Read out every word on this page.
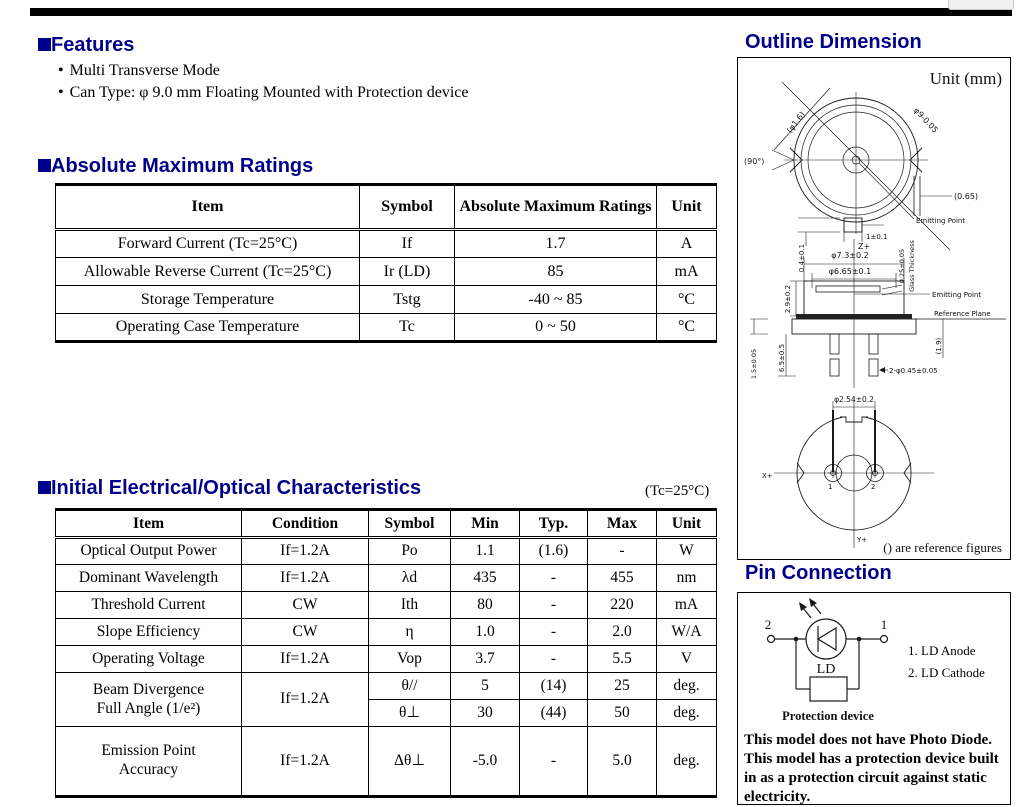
Features
• Multi Transverse Mode
• Can Type: φ 9.0 mm Floating Mounted with Protection device
Absolute Maximum Ratings
Item	Symbol	Absolute Maximum Ratings	Unit
Forward Current (Tc=25°C)	If	1.7	A
Allowable Reverse Current (Tc=25°C)	Ir (LD)	85	mA
Storage Temperature	Tstg	-40 ~ 85	°C
Operating Case Temperature	Tc	0 ~ 50	°C
Initial Electrical/Optical Characteristics	(Tc=25°C)
Item	Condition	Symbol	Min	Typ.	Max	Unit
Optical Output Power	If=1.2A	Po	1.1	(1.6)	-	W
Dominant Wavelength	If=1.2A	λd	435	-	455	nm
Threshold Current	CW	Ith	80	-	220	mA
Slope Efficiency	CW	η	1.0	-	2.0	W/A
Operating Voltage	If=1.2A	Vop	3.7	-	5.5	V
Beam Divergence
Full Angle (1/e²)	If=1.2A	θ//	5	(14)	25	deg.
		θ⊥	30	(44)	50	deg.
Emission Point
Accuracy	If=1.2A	Δθ⊥	-5.0	-	5.0	deg.
Outline Dimension
Unit (mm)
(φ1.6)	φ9-0.05
(90°)
(0.65)
Emitting Point
1±0.1
0.4±0.1	Z+
φ7.3±0.2
φ6.65±0.1	0.25±0.05 Glass Thickness
Emitting Point
2.9±0.2
Reference Plane
(1.9)
1.5±0.05	6.5±0.5	2-φ0.45±0.05
φ2.54±0.2
1	2
X+
Y+ () are reference figures
Pin Connection
2	1
LD
Protection device
1. LD Anode
2. LD Cathode
This model does not have Photo Diode. This model has a protection device built in as a protection circuit against static electricity.
